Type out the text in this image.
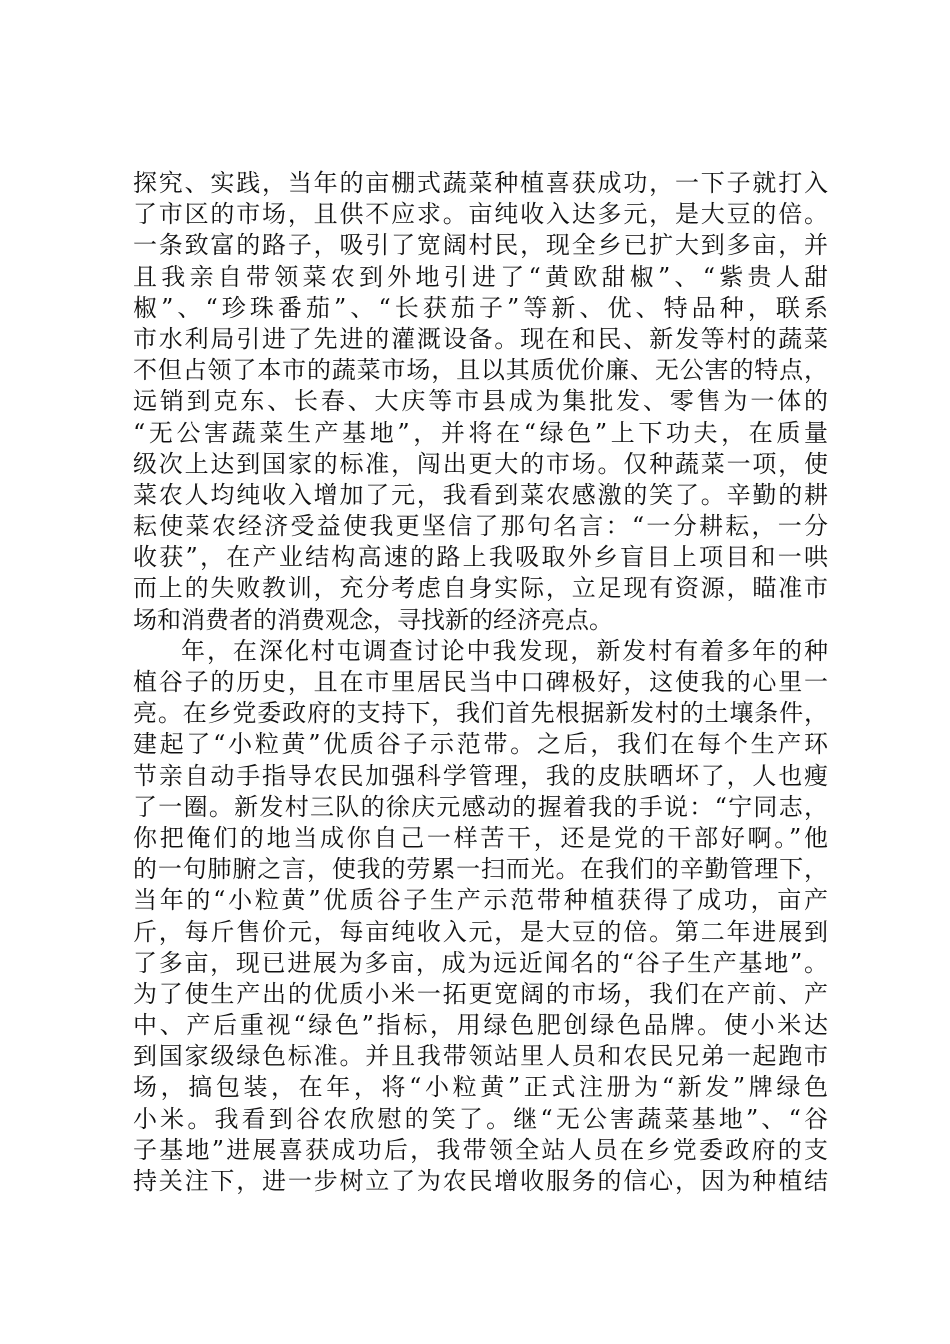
探究、实践，当年的亩棚式蔬菜种植喜获成功，一下子就打入
了市区的市场，且供不应求。亩纯收入达多元，是大豆的倍。
一条致富的路子，吸引了宽阔村民，现全乡已扩大到多亩，并
且我亲自带领菜农到外地引进了“黄欧甜椒”、“紫贵人甜
椒”、“珍珠番茄”、“长获茄子”等新、优、特品种，联系
市水利局引进了先进的灌溉设备。现在和民、新发等村的蔬菜
不但占领了本市的蔬菜市场，且以其质优价廉、无公害的特点，
远销到克东、长春、大庆等市县成为集批发、零售为一体的
“无公害蔬菜生产基地”，并将在“绿色”上下功夫，在质量
级次上达到国家的标准，闯出更大的市场。仅种蔬菜一项，使
菜农人均纯收入增加了元，我看到菜农感激的笑了。辛勤的耕
耘使菜农经济受益使我更坚信了那句名言：“一分耕耘，一分
收获”，在产业结构高速的路上我吸取外乡盲目上项目和一哄
而上的失败教训，充分考虑自身实际，立足现有资源，瞄准市
场和消费者的消费观念，寻找新的经济亮点。
年，在深化村屯调查讨论中我发现，新发村有着多年的种
植谷子的历史，且在市里居民当中口碑极好，这使我的心里一
亮。在乡党委政府的支持下，我们首先根据新发村的土壤条件，
建起了“小粒黄”优质谷子示范带。之后，我们在每个生产环
节亲自动手指导农民加强科学管理，我的皮肤晒坏了，人也瘦
了一圈。新发村三队的徐庆元感动的握着我的手说：“宁同志，
你把俺们的地当成你自己一样苦干，还是党的干部好啊。”他
的一句肺腑之言，使我的劳累一扫而光。在我们的辛勤管理下，
当年的“小粒黄”优质谷子生产示范带种植获得了成功，亩产
斤，每斤售价元，每亩纯收入元，是大豆的倍。第二年进展到
了多亩，现已进展为多亩，成为远近闻名的“谷子生产基地”。
为了使生产出的优质小米一拓更宽阔的市场，我们在产前、产
中、产后重视“绿色”指标，用绿色肥创绿色品牌。使小米达
到国家级绿色标准。并且我带领站里人员和农民兄弟一起跑市
场，搞包装，在年，将“小粒黄”正式注册为“新发”牌绿色
小米。我看到谷农欣慰的笑了。继“无公害蔬菜基地”、“谷
子基地”进展喜获成功后，我带领全站人员在乡党委政府的支
持关注下，进一步树立了为农民增收服务的信心，因为种植结
